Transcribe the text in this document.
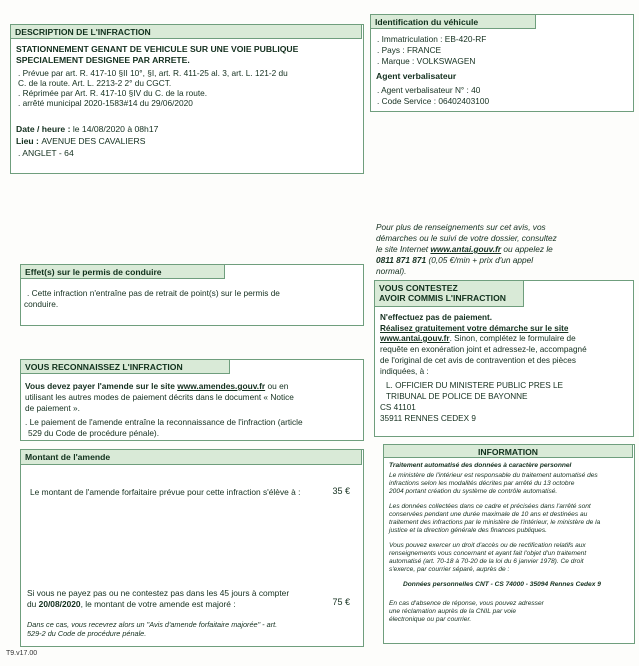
DESCRIPTION DE L'INFRACTION
STATIONNEMENT GENANT DE VEHICULE SUR UNE VOIE PUBLIQUE
SPECIALEMENT DESIGNEE PAR ARRETE.
. Prévue par art. R. 417-10 §II 10°, §I, art. R. 411-25 al. 3, art. L. 121-2 du
C. de la route. Art. L. 2213-2 2° du CGCT.
. Réprimée par Art. R. 417-10 §IV du C. de la route.
. arrêté municipal 2020-1583#14 du 29/06/2020
Date / heure : le 14/08/2020 à 08h17
Lieu : AVENUE DES CAVALIERS
. ANGLET - 64
Effet(s) sur le permis de conduire
. Cette infraction n'entraîne pas de retrait de point(s) sur le permis de
conduire.
VOUS RECONNAISSEZ L'INFRACTION
Vous devez payer l'amende sur le site www.amendes.gouv.fr ou en
utilisant les autres modes de paiement décrits dans le document « Notice
de paiement ».
. Le paiement de l'amende entraîne la reconnaissance de l'infraction (article
529 du Code de procédure pénale).
Montant de l'amende
Le montant de l'amende forfaitaire prévue pour cette infraction s'élève à :	35 €
Si vous ne payez pas ou ne contestez pas dans les 45 jours à compter
du 20/08/2020, le montant de votre amende est majoré :	75 €
Dans ce cas, vous recevrez alors un "Avis d'amende forfaitaire majorée" - art.
529-2 du Code de procédure pénale.
Identification du véhicule
. Immatriculation : EB-420-RF
. Pays : FRANCE
. Marque : VOLKSWAGEN
Agent verbalisateur
. Agent verbalisateur N° : 40
. Code Service : 06402403100
Pour plus de renseignements sur cet avis, vos
démarches ou le suivi de votre dossier, consultez
le site Internet www.antai.gouv.fr ou appelez le
0811 871 871 (0,05 €/min + prix d'un appel
normal).
VOUS CONTESTEZ
AVOIR COMMIS L'INFRACTION
N'effectuez pas de paiement.
Réalisez gratuitement votre démarche sur le site
www.antai.gouv.fr. Sinon, complétez le formulaire de
requête en exonération joint et adressez-le, accompagné
de l'original de cet avis de contravention et des pièces
indiquées, à :
L. OFFICIER DU MINISTERE PUBLIC PRES LE
TRIBUNAL DE POLICE DE BAYONNE
CS 41101
35911 RENNES CEDEX 9
INFORMATION
Traitement automatisé des données à caractère personnel
Le ministère de l'intérieur est responsable du traitement automatisé des
infractions selon les modalités décrites par arrêté du 13 octobre
2004 portant création du système de contrôle automatisé.
Les données collectées dans ce cadre et précisées dans l'arrêté sont
conservées pendant une durée maximale de 10 ans et destinées au
traitement des infractions par le ministère de l'intérieur, le ministère de la
justice et la direction générale des finances publiques.
Vous pouvez exercer un droit d'accès ou de rectification relatifs aux
renseignements vous concernant et ayant fait l'objet d'un traitement
automatisé (art. 70-18 à 70-20 de la loi du 6 janvier 1978). Ce droit
s'exerce, par courrier séparé, auprès de :
Données personnelles CNT - CS 74000 - 35094 Rennes Cedex 9
En cas d'absence de réponse, vous pouvez adresser
une réclamation auprès de la CNIL par voie
électronique ou par courrier.
T9.v17.00
